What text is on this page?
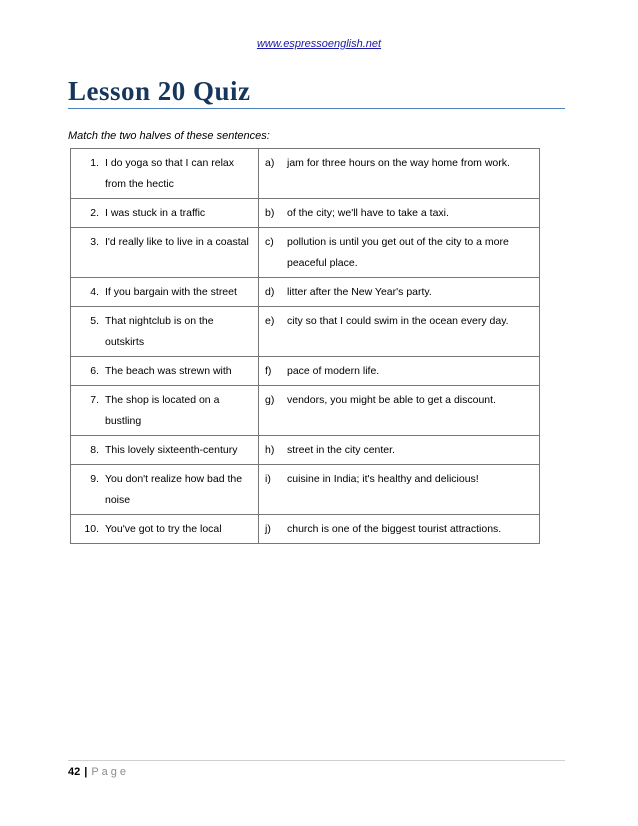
www.espressoenglish.net
Lesson 20 Quiz
Match the two halves of these sentences:
1. I do yoga so that I can relax from the hectic	a) jam for three hours on the way home from work.

2. I was stuck in a traffic	b) of the city; we'll have to take a taxi.

3. I'd really like to live in a coastal	c) pollution is until you get out of the city to a more peaceful place.

4. If you bargain with the street	d) litter after the New Year's party.

5. That nightclub is on the outskirts	e) city so that I could swim in the ocean every day.

6. The beach was strewn with	f) pace of modern life.

7. The shop is located on a bustling	g) vendors, you might be able to get a discount.

8. This lovely sixteenth-century	h) street in the city center.

9. You don't realize how bad the noise	i) cuisine in India; it's healthy and delicious!

10. You've got to try the local	j) church is one of the biggest tourist attractions.
42 | Page
